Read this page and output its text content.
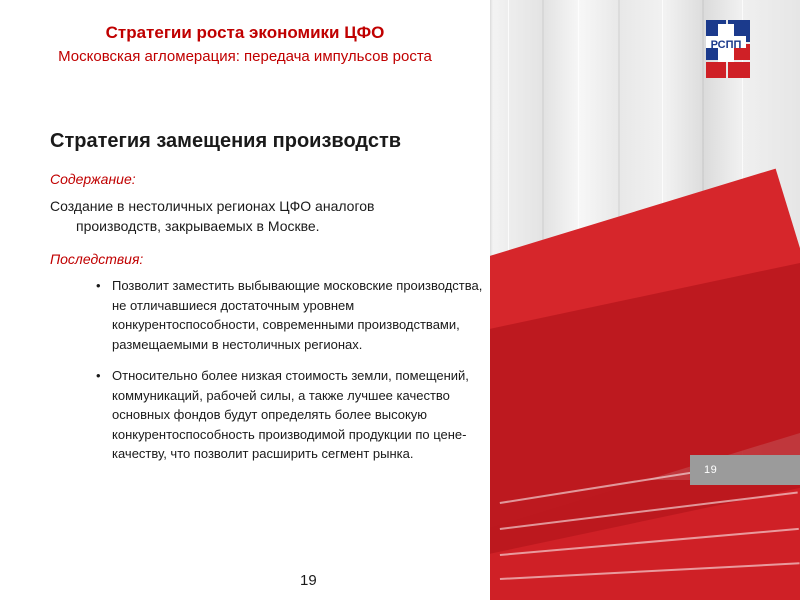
19
РСПП

Стратегии роста экономики ЦФО

Московская агломерация: передача импульсов роста

Стратегия замещения производств

Содержание:

Создание в нестоличных регионах ЦФО аналогов
производств, закрываемых в Москве.

Последствия:

• Позволит заместить выбывающие московские производства, не отличавшиеся достаточным уровнем конкурентоспособности, современными производствами, размещаемыми в нестоличных регионах.
• Относительно более низкая стоимость земли, помещений, коммуникаций, рабочей силы, а также лучшее качество основных фондов будут определять более высокую конкурентоспособность производимой продукции по цене-качеству, что позволит расширить сегмент рынка.
19
